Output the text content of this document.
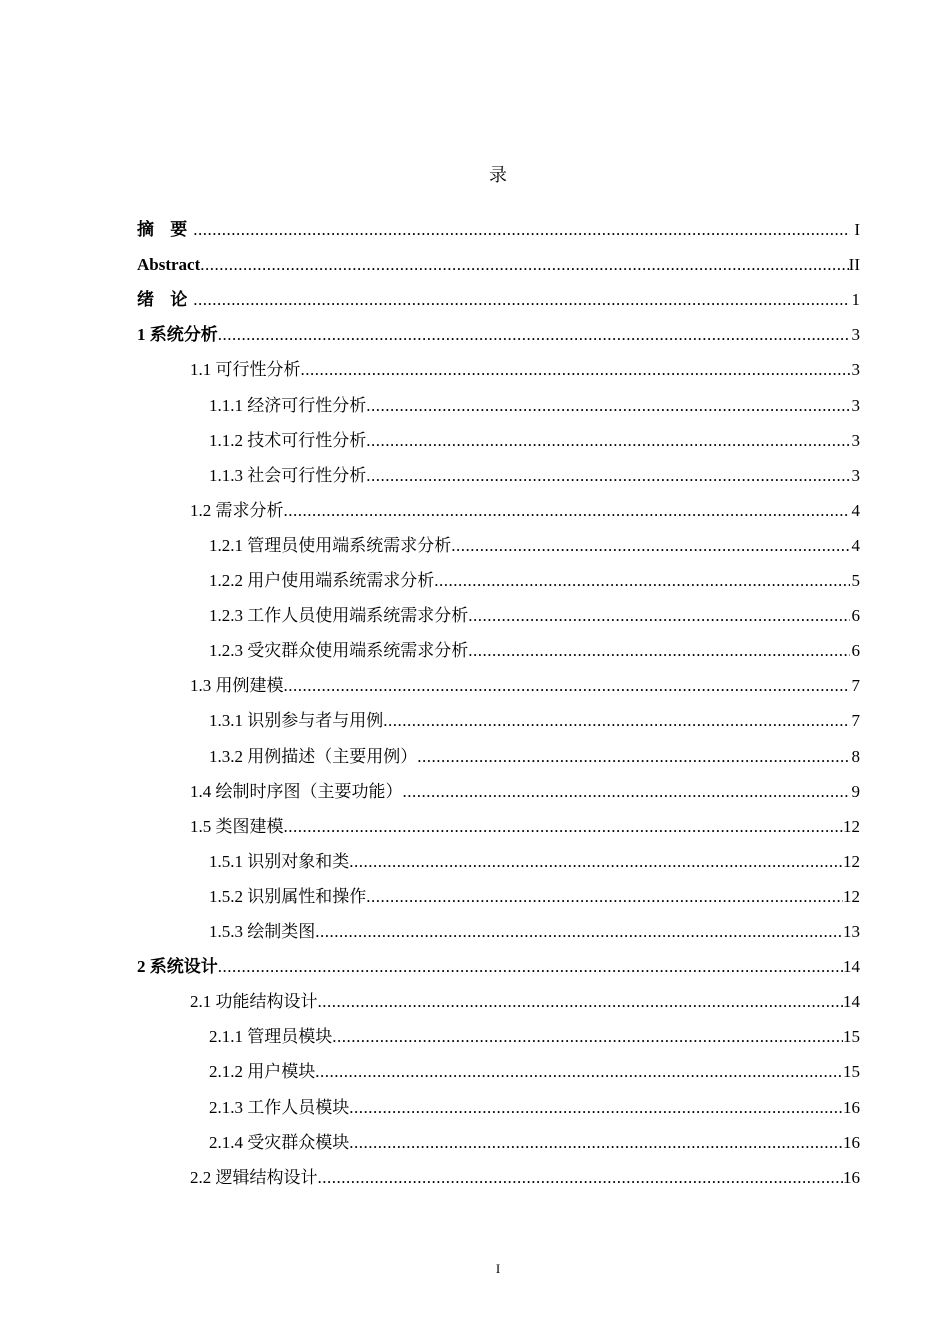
录
摘 要 .....	I
Abstract .....	II
绪 论 .....	1
1 系统分析 .....	3
1.1 可行性分析 .....	3
1.1.1 经济可行性分析 .....	3
1.1.2 技术可行性分析 .....	3
1.1.3 社会可行性分析 .....	3
1.2 需求分析 .....	4
1.2.1 管理员使用端系统需求分析 .....	4
1.2.2 用户使用端系统需求分析 .....	5
1.2.3 工作人员使用端系统需求分析 .....	6
1.2.3 受灾群众使用端系统需求分析 .....	6
1.3 用例建模 .....	7
1.3.1 识别参与者与用例 .....	7
1.3.2 用例描述（主要用例） .....	8
1.4 绘制时序图（主要功能） .....	9
1.5 类图建模 .....	12
1.5.1 识别对象和类 .....	12
1.5.2 识别属性和操作 .....	12
1.5.3 绘制类图 .....	13
2 系统设计 .....	14
2.1 功能结构设计 .....	14
2.1.1 管理员模块 .....	15
2.1.2 用户模块 .....	15
2.1.3 工作人员模块 .....	16
2.1.4 受灾群众模块 .....	16
2.2 逻辑结构设计 .....	16
I
